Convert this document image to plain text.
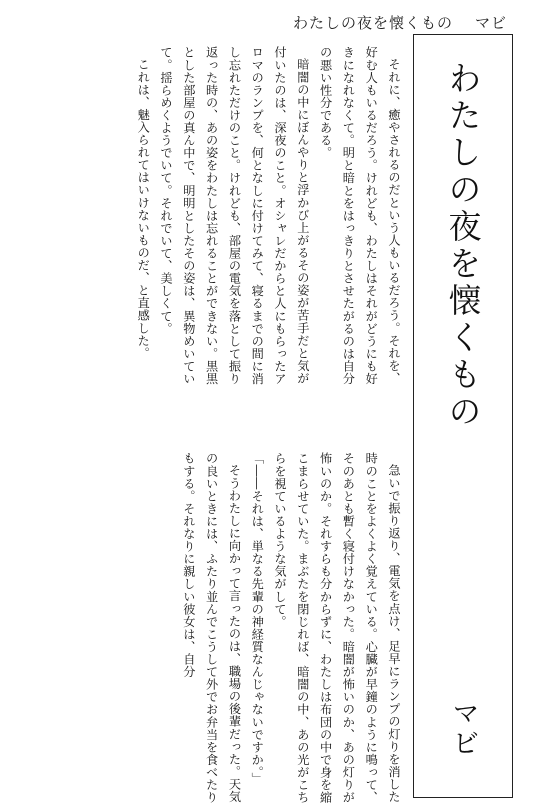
わたしの夜を懐くもの マビ
わたしの夜を懐くもの
マビ

それに、癒やされるのだという人もいるだろう。それを、好む人もいるだろう。けれども、わたしはそれがどうにも好きになれなくて。明と暗とをはっきりとさせたがるのは自分の悪い性分である。

暗闇の中にぼんやりと浮かび上がるその姿が苦手だと気が付いたのは、深夜のこと。オシャレだからと人にもらったアロマのランプを、何となしに付けてみて、寝るまでの間に消し忘れただけのこと。けれども、部屋の電気を落として振り返った時の、あの姿をわたしは忘れることができない。黒黒とした部屋の真ん中で、明明としたその姿は、異物めいていて。揺らめくようでいて。それでいて、美しくて。

これは、魅入られてはいけないものだ、と直感した。

急いで振り返り、電気を点け、足早にランプの灯りを消した時のことをよくよく覚えている。心臓が早鐘のように鳴って、そのあとも暫く寝付けなかった。暗闇が怖いのか、あの灯りが怖いのか。それすらも分からずに、わたしは布団の中で身を縮こまらせていた。まぶたを閉じれば、暗闇の中、あの光がこちらを視ているような気がして。

「――それは、単なる先輩の神経質なんじゃないですか。」

そうわたしに向かって言ったのは、職場の後輩だった。天気の良いときには、ふたり並んでこうして外でお弁当を食べたりもする。それなりに親しい彼女は、自分
